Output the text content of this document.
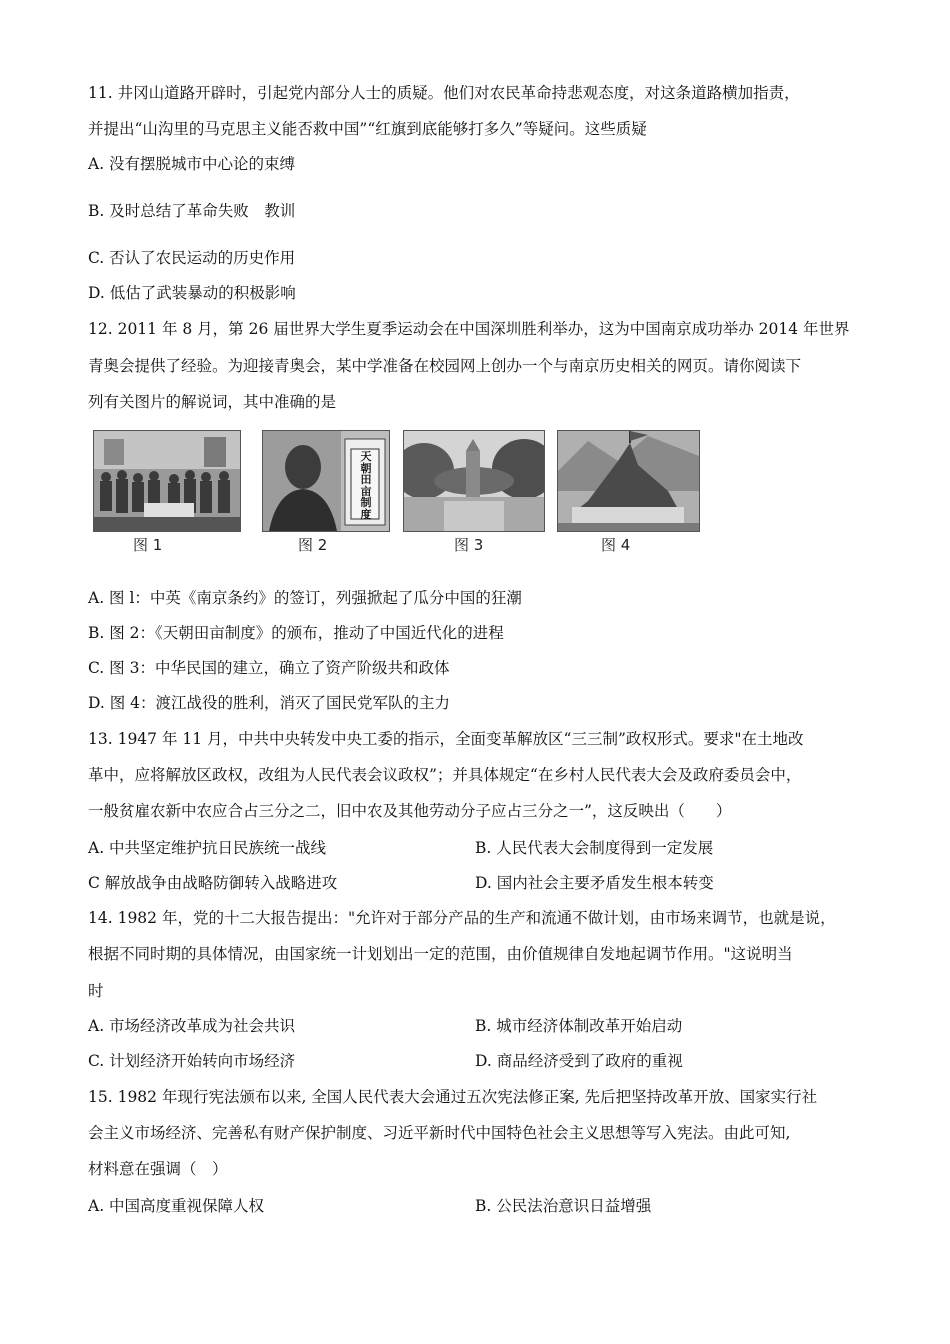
11. 井冈山道路开辟时，引起党内部分人士的质疑。他们对农民革命持悲观态度，对这条道路横加指责，
并提出“山沟里的马克思主义能否救中国”“红旗到底能够打多久”等疑问。这些质疑
A. 没有摆脱城市中心论的束缚
B. 及时总结了革命失败　教训
C. 否认了农民运动的历史作用
D. 低估了武装暴动的积极影响
12. 2011 年 8 月，第 26 届世界大学生夏季运动会在中国深圳胜利举办，这为中国南京成功举办 2014 年世界
青奥会提供了经验。为迎接青奥会，某中学准备在校园网上创办一个与南京历史相关的网页。请你阅读下
列有关图片的解说词，其中准确的是
天朝田亩制度
图 1	图 2	图 3	图 4
A. 图 l：中英《南京条约》的签订，列强掀起了瓜分中国的狂潮
B. 图 2：《天朝田亩制度》的颁布，推动了中国近代化的进程
C. 图 3：中华民国的建立，确立了资产阶级共和政体
D. 图 4：渡江战役的胜利，消灭了国民党军队的主力
13. 1947 年 11 月，中共中央转发中央工委的指示，全面变革解放区“三三制”政权形式。要求"在土地改
革中，应将解放区政权，改组为人民代表会议政权”；并具体规定“在乡村人民代表大会及政府委员会中，
一般贫雇农新中农应合占三分之二，旧中农及其他劳动分子应占三分之一”，这反映出（　　）
A. 中共坚定维护抗日民族统一战线	B. 人民代表大会制度得到一定发展
C 解放战争由战略防御转入战略进攻	D. 国内社会主要矛盾发生根本转变
14. 1982 年，党的十二大报告提出："允许对于部分产品的生产和流通不做计划，由市场来调节，也就是说，
根据不同时期的具体情况，由国家统一计划划出一定的范围，由价值规律自发地起调节作用。"这说明当
时
A. 市场经济改革成为社会共识	B. 城市经济体制改革开始启动
C. 计划经济开始转向市场经济	D. 商品经济受到了政府的重视
15. 1982 年现行宪法颁布以来, 全国人民代表大会通过五次宪法修正案, 先后把坚持改革开放、国家实行社
会主义市场经济、完善私有财产保护制度、习近平新时代中国特色社会主义思想等写入宪法。由此可知,
材料意在强调（　）
A. 中国高度重视保障人权	B. 公民法治意识日益增强
